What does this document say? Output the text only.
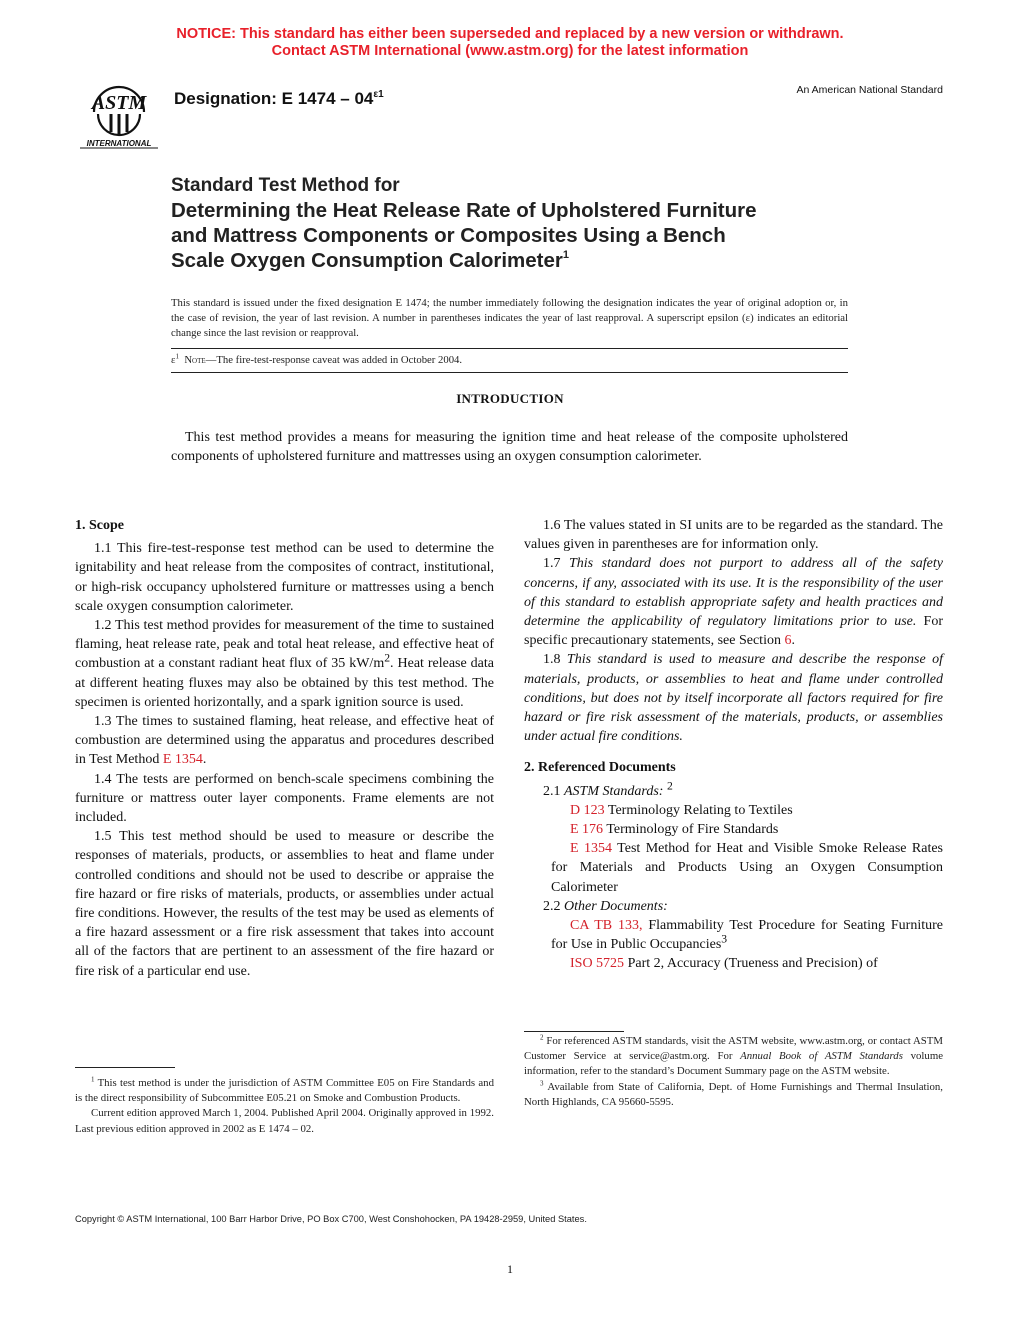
NOTICE: This standard has either been superseded and replaced by a new version or withdrawn.
Contact ASTM International (www.astm.org) for the latest information
ASTM
INTERNATIONAL
Designation: E $1474 - 04^{\varepsilon 1}$	An American National Standard
Standard Test Method for
Determining the Heat Release Rate of Upholstered Furniture
and Mattress Components or Composites Using a Bench
Scale Oxygen Consumption Calorimeter$^1$
This standard is issued under the fixed designation E 1474; the number immediately following the designation indicates the year of original adoption or, in the case of revision, the year of last revision. A number in parentheses indicates the year of last reapproval. A superscript epsilon (ε) indicates an editorial change since the last revision or reapproval.
$\varepsilon^1$ Note—The fire-test-response caveat was added in October 2004.
INTRODUCTION
This test method provides a means for measuring the ignition time and heat release of the composite upholstered components of upholstered furniture and mattresses using an oxygen consumption calorimeter.

1. Scope

1.1 This fire-test-response test method can be used to determine the ignitability and heat release from the composites of contract, institutional, or high-risk occupancy upholstered furniture or mattresses using a bench scale oxygen consumption calorimeter.

1.2 This test method provides for measurement of the time to sustained flaming, heat release rate, peak and total heat release, and effective heat of combustion at a constant radiant heat flux of 35 $kW/m^2$. Heat release data at different heating fluxes may also be obtained by this test method. The specimen is oriented horizontally, and a spark ignition source is used.

1.3 The times to sustained flaming, heat release, and effective heat of combustion are determined using the apparatus and procedures described in Test Method E 1354.

1.4 The tests are performed on bench-scale specimens combining the furniture or mattress outer layer components. Frame elements are not included.

1.5 This test method should be used to measure or describe the responses of materials, products, or assemblies to heat and flame under controlled conditions and should not be used to describe or appraise the fire hazard or fire risks of materials, products, or assemblies under actual fire conditions. However, the results of the test may be used as elements of a fire hazard assessment or a fire risk assessment that takes into account all of the factors that are pertinent to an assessment of the fire hazard or fire risk of a particular end use.

1.6 The values stated in SI units are to be regarded as the standard. The values given in parentheses are for information only.

1.7 This standard does not purport to address all of the safety concerns, if any, associated with its use. It is the responsibility of the user of this standard to establish appropriate safety and health practices and determine the applicability of regulatory limitations prior to use. For specific precautionary statements, see Section 6.

1.8 This standard is used to measure and describe the response of materials, products, or assemblies to heat and flame under controlled conditions, but does not by itself incorporate all factors required for fire hazard or fire risk assessment of the materials, products, or assemblies under actual fire conditions.

2. Referenced Documents

2.1 ASTM Standards: $^2$

D 123 Terminology Relating to Textiles

E 176 Terminology of Fire Standards

E 1354 Test Method for Heat and Visible Smoke Release Rates for Materials and Products Using an Oxygen Consumption Calorimeter

2.2 Other Documents:

CA TB 133, Flammability Test Procedure for Seating Furniture for Use in Public Occupancies$^3$

ISO 5725 Part 2, Accuracy (Trueness and Precision) of

$^1$ This test method is under the jurisdiction of ASTM Committee E05 on Fire Standards and is the direct responsibility of Subcommittee E05.21 on Smoke and Combustion Products.

Current edition approved March 1, 2004. Published April 2004. Originally approved in 1992. Last previous edition approved in 2002 as E 1474 – 02.

$^2$ For referenced ASTM standards, visit the ASTM website, www.astm.org, or contact ASTM Customer Service at service@astm.org. For Annual Book of ASTM Standards volume information, refer to the standard’s Document Summary page on the ASTM website.

$^3$ Available from State of California, Dept. of Home Furnishings and Thermal Insulation, North Highlands, CA 95660-5595.

Copyright © ASTM International, 100 Barr Harbor Drive, PO Box C700, West Conshohocken, PA 19428-2959, United States.
1
